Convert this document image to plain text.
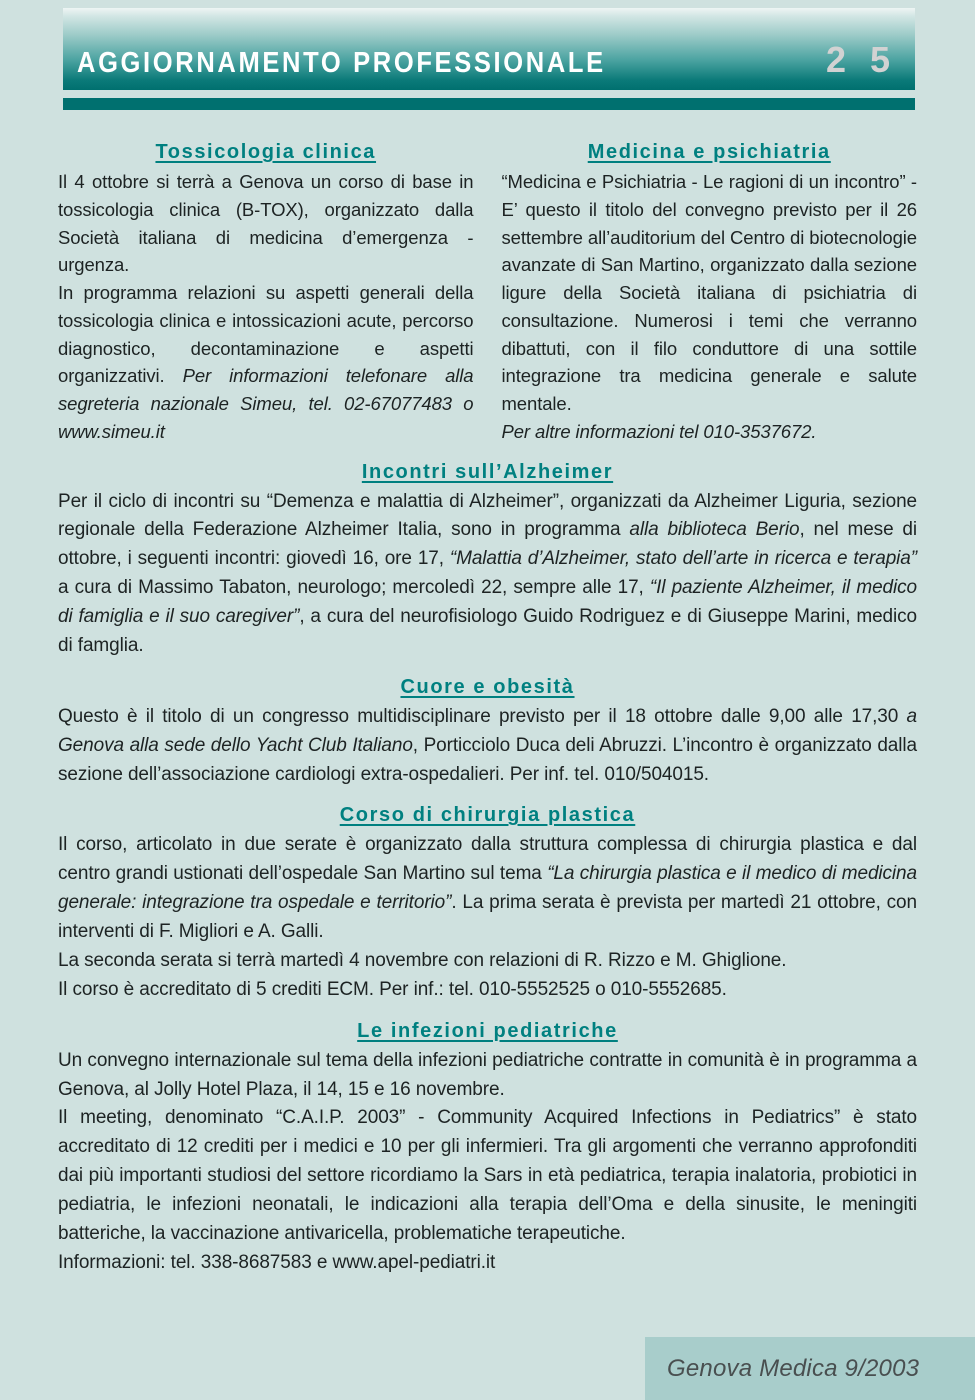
AGGIORNAMENTO PROFESSIONALE	2 5
Tossicologia clinica

Il 4 ottobre si terrà a Genova un corso di base in tossicologia clinica (B-TOX), organizzato dalla Società italiana di medicina d’emergenza - urgenza.

In programma relazioni su aspetti generali della tossicologia clinica e intossicazioni acute, percorso diagnostico, decontaminazione e aspetti organizzativi. Per informazioni telefonare alla segreteria nazionale Simeu, tel. 02-67077483 o www.simeu.it

Medicina e psichiatria

“Medicina e Psichiatria - Le ragioni di un incontro” - E’ questo il titolo del convegno previsto per il 26 settembre all’auditorium del Centro di biotecnologie avanzate di San Martino, organizzato dalla sezione ligure della Società italiana di psichiatria di consultazione. Numerosi i temi che verranno dibattuti, con il filo conduttore di una sottile integrazione tra medicina generale e salute mentale.

Per altre informazioni tel 010-3537672.

Incontri sull’Alzheimer

Per il ciclo di incontri su “Demenza e malattia di Alzheimer”, organizzati da Alzheimer Liguria, sezione regionale della Federazione Alzheimer Italia, sono in programma alla biblioteca Berio, nel mese di ottobre, i seguenti incontri: giovedì 16, ore 17, “Malattia d’Alzheimer, stato dell’arte in ricerca e terapia” a cura di Massimo Tabaton, neurologo; mercoledì 22, sempre alle 17, “Il paziente Alzheimer, il medico di famiglia e il suo caregiver”, a cura del neurofisiologo Guido Rodriguez e di Giuseppe Marini, medico di famglia.

Cuore e obesità

Questo è il titolo di un congresso multidisciplinare previsto per il 18 ottobre dalle 9,00 alle 17,30 a Genova alla sede dello Yacht Club Italiano, Porticciolo Duca deli Abruzzi. L’incontro è organizzato dalla sezione dell’associazione cardiologi extra-ospedalieri. Per inf. tel. 010/504015.

Corso di chirurgia plastica

Il corso, articolato in due serate è organizzato dalla struttura complessa di chirurgia plastica e dal centro grandi ustionati dell’ospedale San Martino sul tema “La chirurgia plastica e il medico di medicina generale: integrazione tra ospedale e territorio”. La prima serata è prevista per martedì 21 ottobre, con interventi di F. Migliori e A. Galli.

La seconda serata si terrà martedì 4 novembre con relazioni di R. Rizzo e M. Ghiglione.

Il corso è accreditato di 5 crediti ECM. Per inf.: tel. 010-5552525 o 010-5552685.

Le infezioni pediatriche

Un convegno internazionale sul tema della infezioni pediatriche contratte in comunità è in programma a Genova, al Jolly Hotel Plaza, il 14, 15 e 16 novembre.

Il meeting, denominato “C.A.I.P. 2003” - Community Acquired Infections in Pediatrics” è stato accreditato di 12 crediti per i medici e 10 per gli infermieri. Tra gli argomenti che verranno approfonditi dai più importanti studiosi del settore ricordiamo la Sars in età pediatrica, terapia inalatoria, probiotici in pediatria, le infezioni neonatali, le indicazioni alla terapia dell’Oma e della sinusite, le meningiti batteriche, la vaccinazione antivaricella, problematiche terapeutiche.

Informazioni: tel. 338-8687583 e www.apel-pediatri.it

Genova Medica 9/2003
